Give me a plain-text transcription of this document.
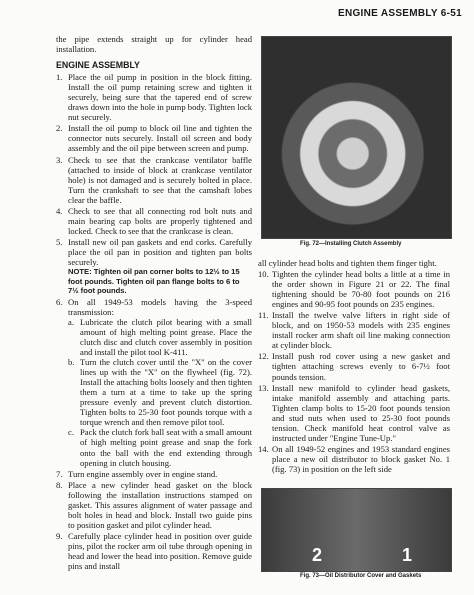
ENGINE ASSEMBLY 6-51

the pipe extends straight up for cylinder head installation.

ENGINE ASSEMBLY
1. Place the oil pump in position in the block fitting. Install the oil pump retaining screw and tighten it securely, being sure that the tapered end of screw draws down into the hole in pump body. Tighten lock nut securely.
2. Install the oil pump to block oil line and tighten the connector nuts securely. Install oil screen and body assembly and the oil pipe between screen and pump.
3. Check to see that the crankcase ventilator baffle (attached to inside of block at crankcase ventilator hole) is not damaged and is securely bolted in place. Turn the crankshaft to see that the camshaft lobes clear the baffle.
4. Check to see that all connecting rod bolt nuts and main bearing cap bolts are properly tightened and locked. Check to see that the crankcase is clean.
5. Install new oil pan gaskets and end corks. Carefully place the oil pan in position and tighten pan bolts securely.
NOTE: Tighten oil pan corner bolts to 12½ to 15 foot pounds. Tighten oil pan flange bolts to 6 to 7½ foot pounds.
6. On all 1949-53 models having the 3-speed transmission:
a. Lubricate the clutch pilot bearing with a small amount of high melting point grease. Place the clutch disc and clutch cover assembly in position and install the pilot tool K-411.
b. Turn the clutch cover until the "X" on the cover lines up with the "X" on the flywheel (fig. 72). Install the attaching bolts loosely and then tighten them a turn at a time to take up the spring pressure evenly and prevent clutch distortion. Tighten bolts to 25-30 foot pounds torque with a torque wrench and then remove pilot tool.
c. Pack the clutch fork ball seat with a small amount of high melting point grease and snap the fork onto the ball with the end extending through opening in clutch housing.
7. Turn engine assembly over in engine stand.
8. Place a new cylinder head gasket on the block following the installation instructions stamped on gasket. This assures alignment of water passage and bolt holes in head and block. Install two guide pins to position gasket and pilot cylinder head.
9. Carefully place cylinder head in position over guide pins, pilot the rocker arm oil tube through opening in head and lower the head into position. Remove guide pins and install
Fig. 72—Installing Clutch Assembly

all cylinder head bolts and tighten them finger tight.

10. Tighten the cylinder head bolts a little at a time in the order shown in Figure 21 or 22. The final tightening should be 70-80 foot pounds on 216 engines and 90-95 foot pounds on 235 engines.
11. Install the twelve valve lifters in right side of block, and on 1950-53 models with 235 engines install rocker arm shaft oil line making connection at cylinder block.
12. Install push rod cover using a new gasket and tighten attaching screws evenly to 6-7½ foot pounds tension.
13. Install new manifold to cylinder head gaskets, intake manifold assembly and attaching parts. Tighten clamp bolts to 15-20 foot pounds tension and stud nuts when used to 25-30 foot pounds tension. Check manifold heat control valve as instructed under "Engine Tune-Up."
14. On all 1949-52 engines and 1953 standard engines place a new oil distributor to block gasket No. 1 (fig. 73) in position on the left side
2	1
Fig. 73—Oil Distributor Cover and Gaskets
